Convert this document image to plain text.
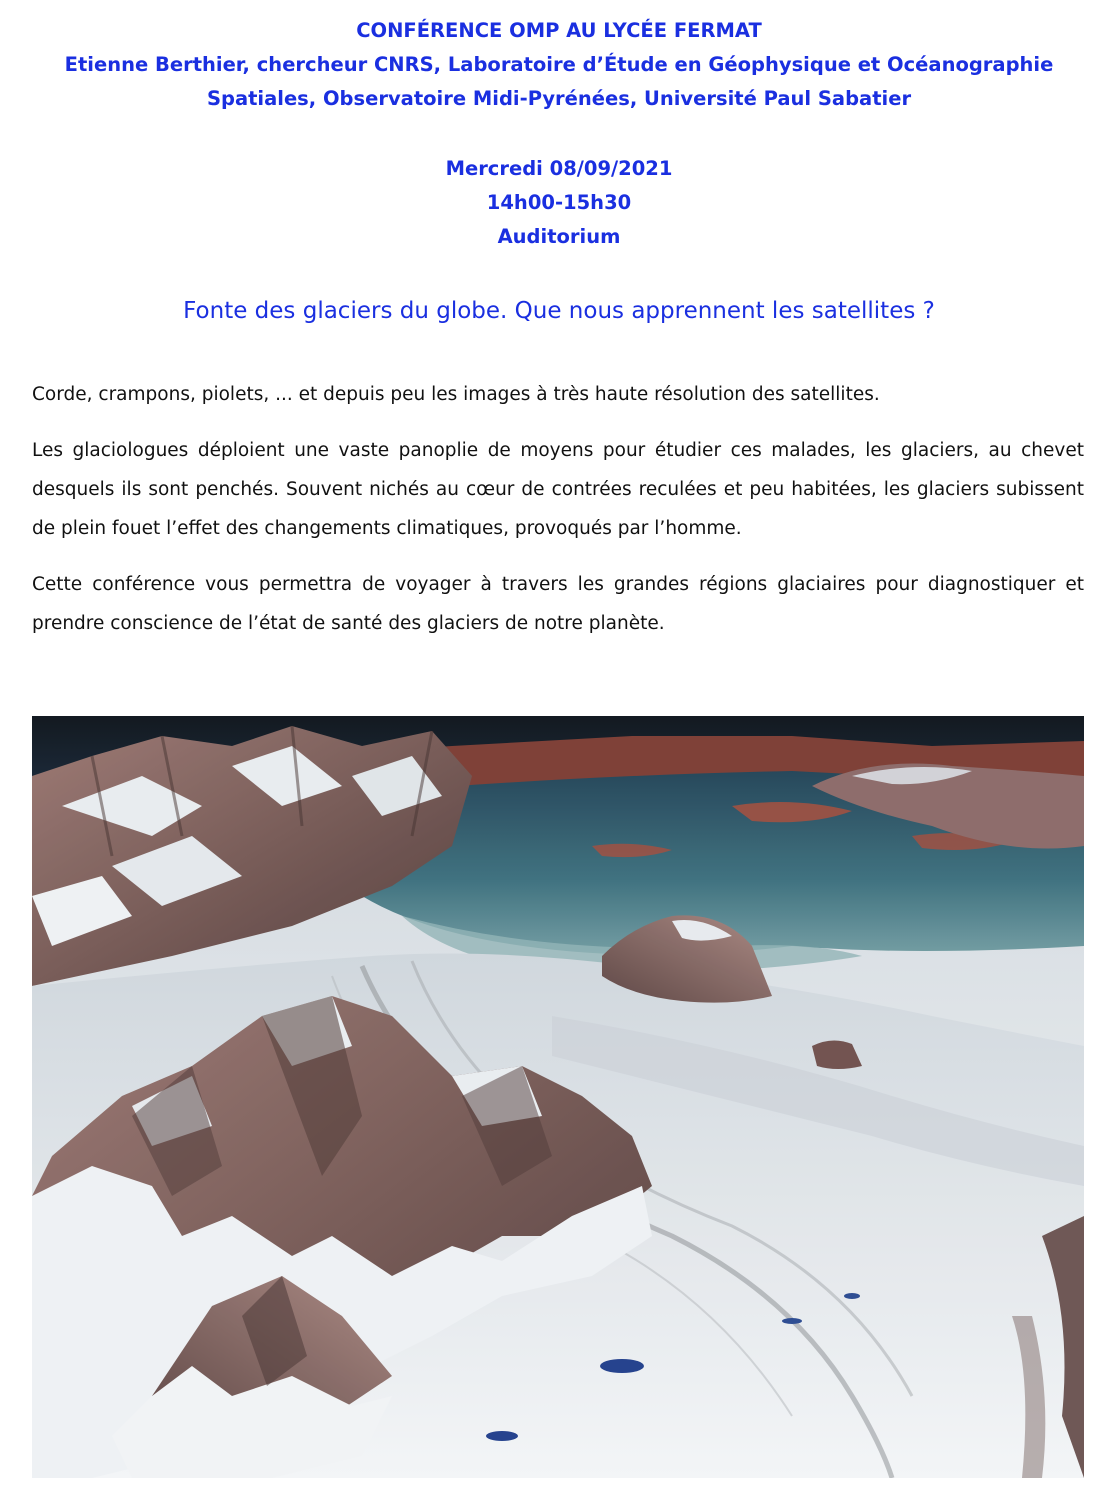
CONFÉRENCE OMP AU LYCÉE FERMAT
Etienne Berthier, chercheur CNRS, Laboratoire d’Étude en Géophysique et Océanographie
Spatiales, Observatoire Midi-Pyrénées, Université Paul Sabatier
Mercredi 08/09/2021
14h00-15h30
Auditorium
Fonte des glaciers du globe. Que nous apprennent les satellites ?

Corde, crampons, piolets, ... et depuis peu les images à très haute résolution des satellites.

Les glaciologues déploient une vaste panoplie de moyens pour étudier ces malades, les glaciers, au chevet desquels ils sont penchés. Souvent nichés au cœur de contrées reculées et peu habitées, les glaciers subissent de plein fouet l’effet des changements climatiques, provoqués par l’homme.

Cette conférence vous permettra de voyager à travers les grandes régions glaciaires pour diagnostiquer et prendre conscience de l’état de santé des glaciers de notre planète.
